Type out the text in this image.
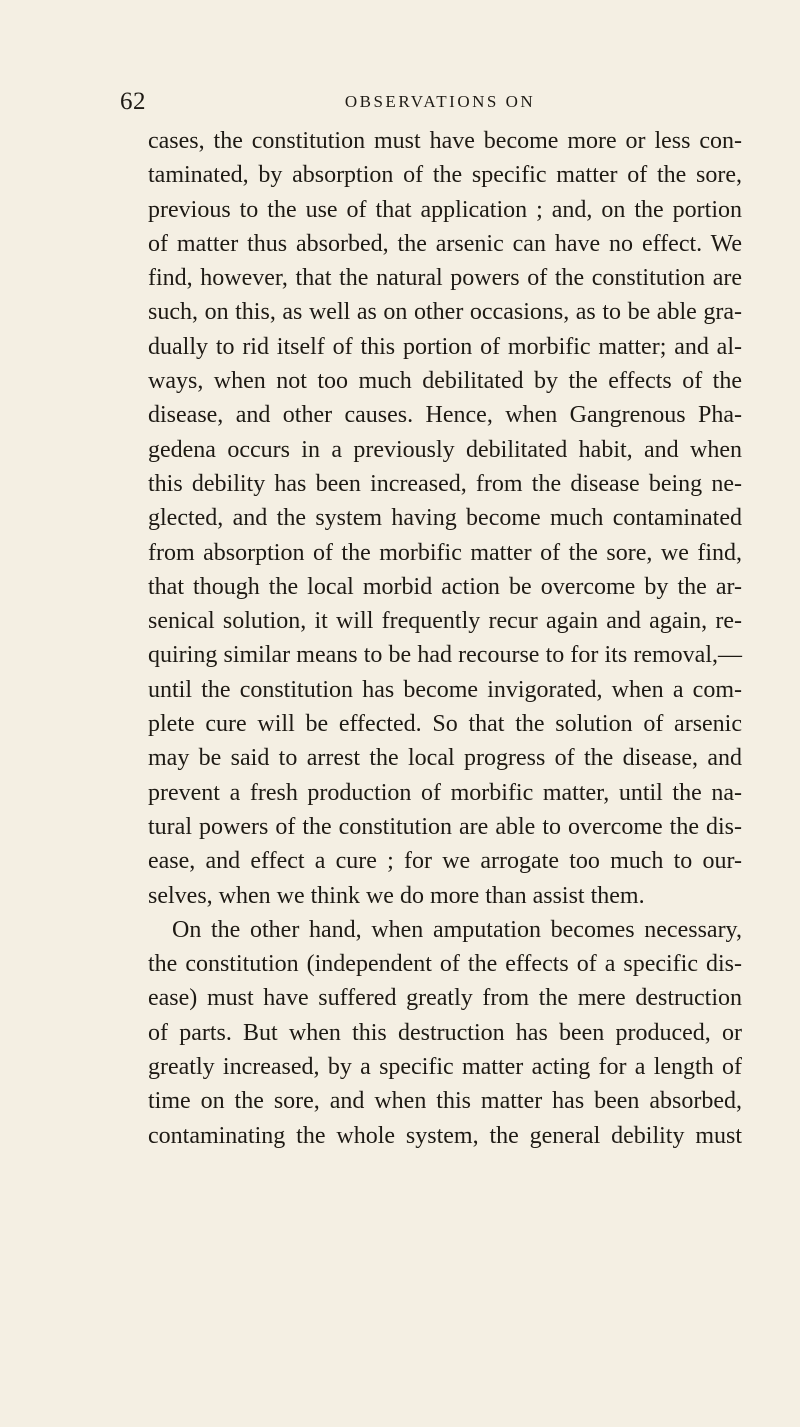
62	OBSERVATIONS ON
cases, the constitution must have become more or less con-
taminated, by absorption of the specific matter of the sore,
previous to the use of that application ; and, on the portion
of matter thus absorbed, the arsenic can have no effect. We
find, however, that the natural powers of the constitution are
such, on this, as well as on other occasions, as to be able gra-
dually to rid itself of this portion of morbific matter; and al-
ways, when not too much debilitated by the effects of the
disease, and other causes. Hence, when Gangrenous Pha-
gedena occurs in a previously debilitated habit, and when
this debility has been increased, from the disease being ne-
glected, and the system having become much contaminated
from absorption of the morbific matter of the sore, we find,
that though the local morbid action be overcome by the ar-
senical solution, it will frequently recur again and again, re-
quiring similar means to be had recourse to for its removal,—
until the constitution has become invigorated, when a com-
plete cure will be effected. So that the solution of arsenic
may be said to arrest the local progress of the disease, and
prevent a fresh production of morbific matter, until the na-
tural powers of the constitution are able to overcome the dis-
ease, and effect a cure ; for we arrogate too much to our-
selves, when we think we do more than assist them.
On the other hand, when amputation becomes necessary,
the constitution (independent of the effects of a specific dis-
ease) must have suffered greatly from the mere destruction
of parts. But when this destruction has been produced, or
greatly increased, by a specific matter acting for a length of
time on the sore, and when this matter has been absorbed,
contaminating the whole system, the general debility must
